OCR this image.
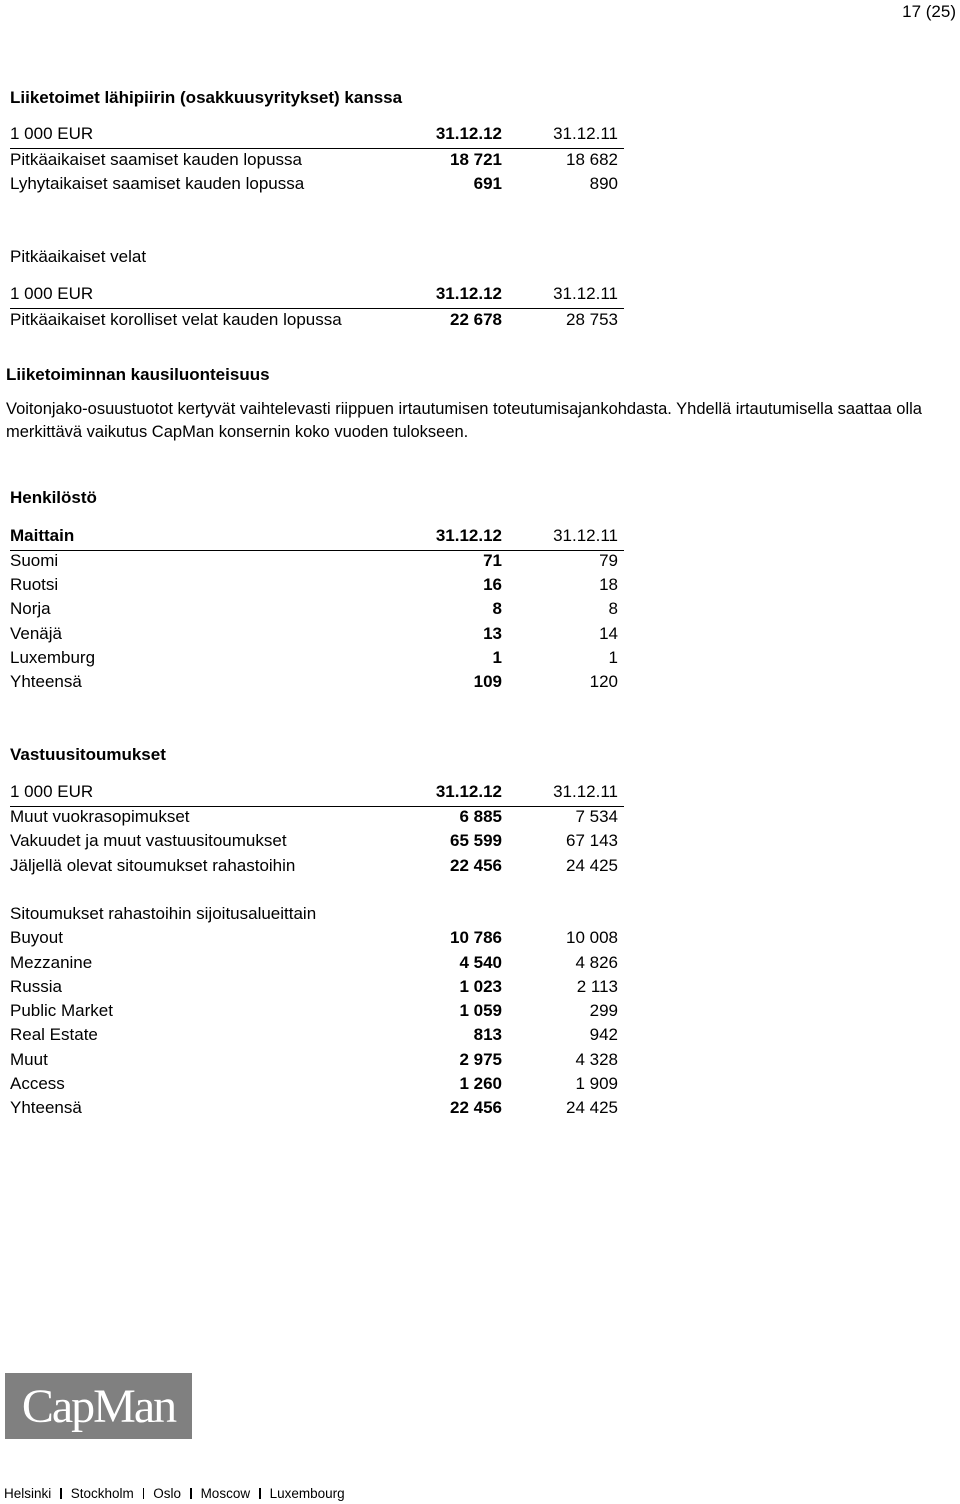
17 (25)
Liiketoimet lähipiirin (osakkuusyritykset) kanssa
1 000 EUR	31.12.12	31.12.11
Pitkäaikaiset saamiset kauden lopussa	18 721	18 682
Lyhytaikaiset saamiset kauden lopussa	691	890
Pitkäaikaiset velat
1 000 EUR	31.12.12	31.12.11
Pitkäaikaiset korolliset velat kauden lopussa	22 678	28 753
Liiketoiminnan kausiluonteisuus
Voitonjako-osuustuotot kertyvät vaihtelevasti riippuen irtautumisen toteutumisajankohdasta. Yhdellä irtautumisella saattaa olla merkittävä vaikutus CapMan konsernin koko vuoden tulokseen.
Henkilöstö
Maittain	31.12.12	31.12.11
Suomi	71	79
Ruotsi	16	18
Norja	8	8
Venäjä	13	14
Luxemburg	1	1
Yhteensä	109	120
Vastuusitoumukset
1 000 EUR	31.12.12	31.12.11
Muut vuokrasopimukset	6 885	7 534
Vakuudet ja muut vastuusitoumukset	65 599	67 143
Jäljellä olevat sitoumukset rahastoihin	22 456	24 425
Sitoumukset rahastoihin sijoitusalueittain
Buyout	10 786	10 008
Mezzanine	4 540	4 826
Russia	1 023	2 113
Public Market	1 059	299
Real Estate	813	942
Muut	2 975	4 328
Access	1 260	1 909
Yhteensä	22 456	24 425
CapMan
Helsinki Stockholm Oslo Moscow Luxembourg
